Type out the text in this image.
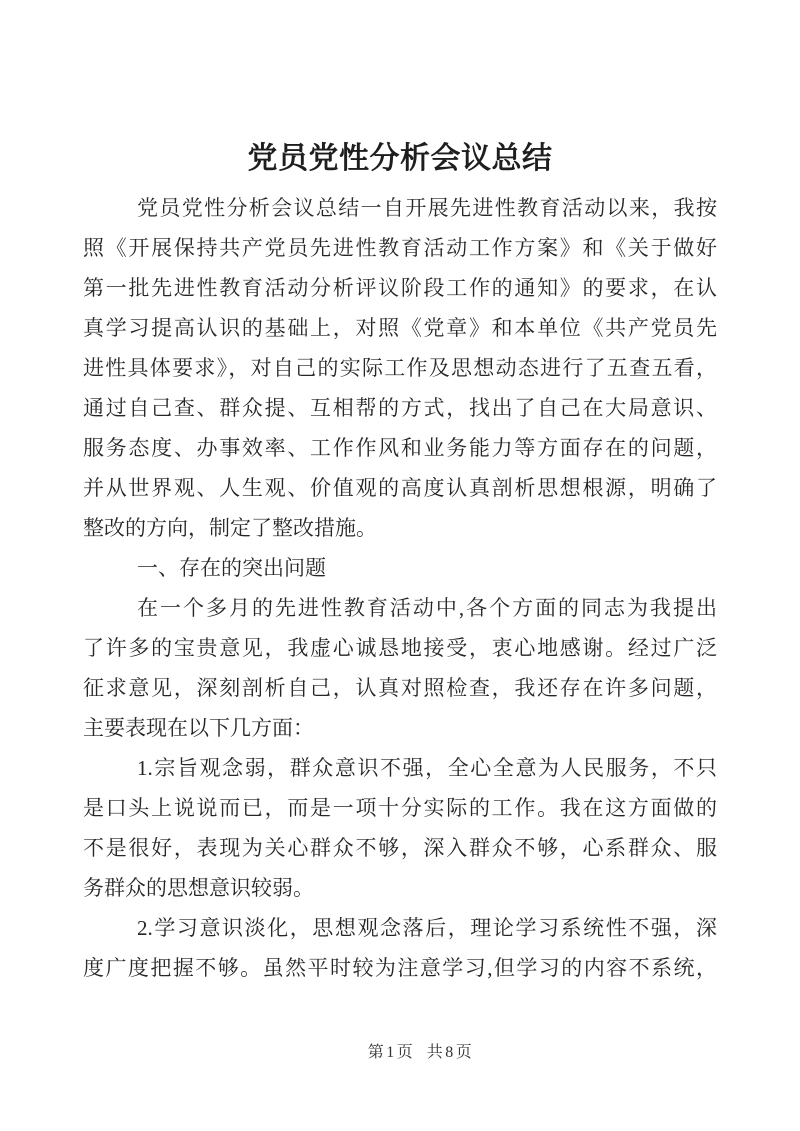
党员党性分析会议总结
党员党性分析会议总结一自开展先进性教育活动以来，我按
照《开展保持共产党员先进性教育活动工作方案》和《关于做好
第一批先进性教育活动分析评议阶段工作的通知》的要求，在认
真学习提高认识的基础上，对照《党章》和本单位《共产党员先
进性具体要求》，对自己的实际工作及思想动态进行了五查五看，
通过自己查、群众提、互相帮的方式，找出了自己在大局意识、
服务态度、办事效率、工作作风和业务能力等方面存在的问题，
并从世界观、人生观、价值观的高度认真剖析思想根源，明确了
整改的方向，制定了整改措施。
一、存在的突出问题
在一个多月的先进性教育活动中,各个方面的同志为我提出
了许多的宝贵意见，我虚心诚恳地接受，衷心地感谢。经过广泛
征求意见，深刻剖析自己，认真对照检查，我还存在许多问题，
主要表现在以下几方面：
1.宗旨观念弱，群众意识不强，全心全意为人民服务，不只
是口头上说说而已，而是一项十分实际的工作。我在这方面做的
不是很好，表现为关心群众不够，深入群众不够，心系群众、服
务群众的思想意识较弱。
2.学习意识淡化，思想观念落后，理论学习系统性不强，深
度广度把握不够。虽然平时较为注意学习,但学习的内容不系统，
第1页 共8页
